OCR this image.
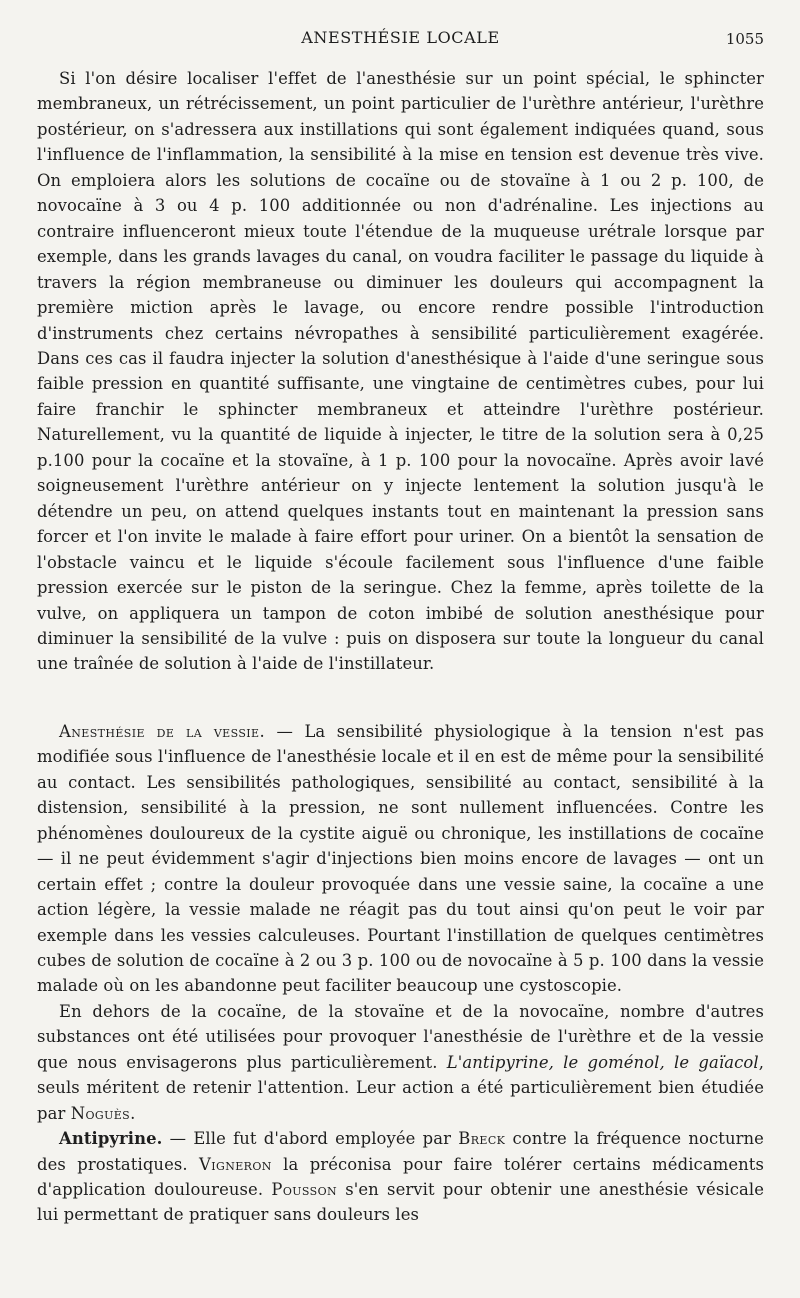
ANESTHÉSIE LOCALE	1055

Si l'on désire localiser l'effet de l'anesthésie sur un point spécial, le sphincter membraneux, un rétrécissement, un point particulier de l'urèthre antérieur, l'urèthre postérieur, on s'adressera aux instillations qui sont également indiquées quand, sous l'influence de l'inflammation, la sensibilité à la mise en tension est devenue très vive. On emploiera alors les solutions de cocaïne ou de stovaïne à 1 ou 2 p. 100, de novocaïne à 3 ou 4 p. 100 additionnée ou non d'adrénaline. Les injections au contraire influenceront mieux toute l'étendue de la muqueuse urétrale lorsque par exemple, dans les grands lavages du canal, on voudra faciliter le passage du liquide à travers la région membraneuse ou diminuer les douleurs qui accompagnent la première miction après le lavage, ou encore rendre possible l'introduction d'instruments chez certains névropathes à sensibilité particulièrement exagérée. Dans ces cas il faudra injecter la solution d'anesthésique à l'aide d'une seringue sous faible pression en quantité suffisante, une vingtaine de centimètres cubes, pour lui faire franchir le sphincter membraneux et atteindre l'urèthre postérieur. Naturellement, vu la quantité de liquide à injecter, le titre de la solution sera à 0,25 p.100 pour la cocaïne et la stovaïne, à 1 p. 100 pour la novocaïne. Après avoir lavé soigneusement l'urèthre antérieur on y injecte lentement la solution jusqu'à le détendre un peu, on attend quelques instants tout en maintenant la pression sans forcer et l'on invite le malade à faire effort pour uriner. On a bientôt la sensation de l'obstacle vaincu et le liquide s'écoule facilement sous l'influence d'une faible pression exercée sur le piston de la seringue. Chez la femme, après toilette de la vulve, on appliquera un tampon de coton imbibé de solution anesthésique pour diminuer la sensibilité de la vulve : puis on disposera sur toute la longueur du canal une traînée de solution à l'aide de l'instillateur.

Anesthésie de la vessie. — La sensibilité physiologique à la tension n'est pas modifiée sous l'influence de l'anesthésie locale et il en est de même pour la sensibilité au contact. Les sensibilités pathologiques, sensibilité au contact, sensibilité à la distension, sensibilité à la pression, ne sont nullement influencées. Contre les phénomènes douloureux de la cystite aiguë ou chronique, les instillations de cocaïne — il ne peut évidemment s'agir d'injections bien moins encore de lavages — ont un certain effet ; contre la douleur provoquée dans une vessie saine, la cocaïne a une action légère, la vessie malade ne réagit pas du tout ainsi qu'on peut le voir par exemple dans les vessies calculeuses. Pourtant l'instillation de quelques centimètres cubes de solution de cocaïne à 2 ou 3 p. 100 ou de novocaïne à 5 p. 100 dans la vessie malade où on les abandonne peut faciliter beaucoup une cystoscopie.

En dehors de la cocaïne, de la stovaïne et de la novocaïne, nombre d'autres substances ont été utilisées pour provoquer l'anesthésie de l'urèthre et de la vessie que nous envisagerons plus particulièrement. L'antipyrine, le goménol, le gaïacol, seuls méritent de retenir l'attention. Leur action a été particulièrement bien étudiée par Noguès.

Antipyrine. — Elle fut d'abord employée par Breck contre la fréquence nocturne des prostatiques. Vigneron la préconisa pour faire tolérer certains médicaments d'application douloureuse. Pousson s'en servit pour obtenir une anesthésie vésicale lui permettant de pratiquer sans douleurs les
